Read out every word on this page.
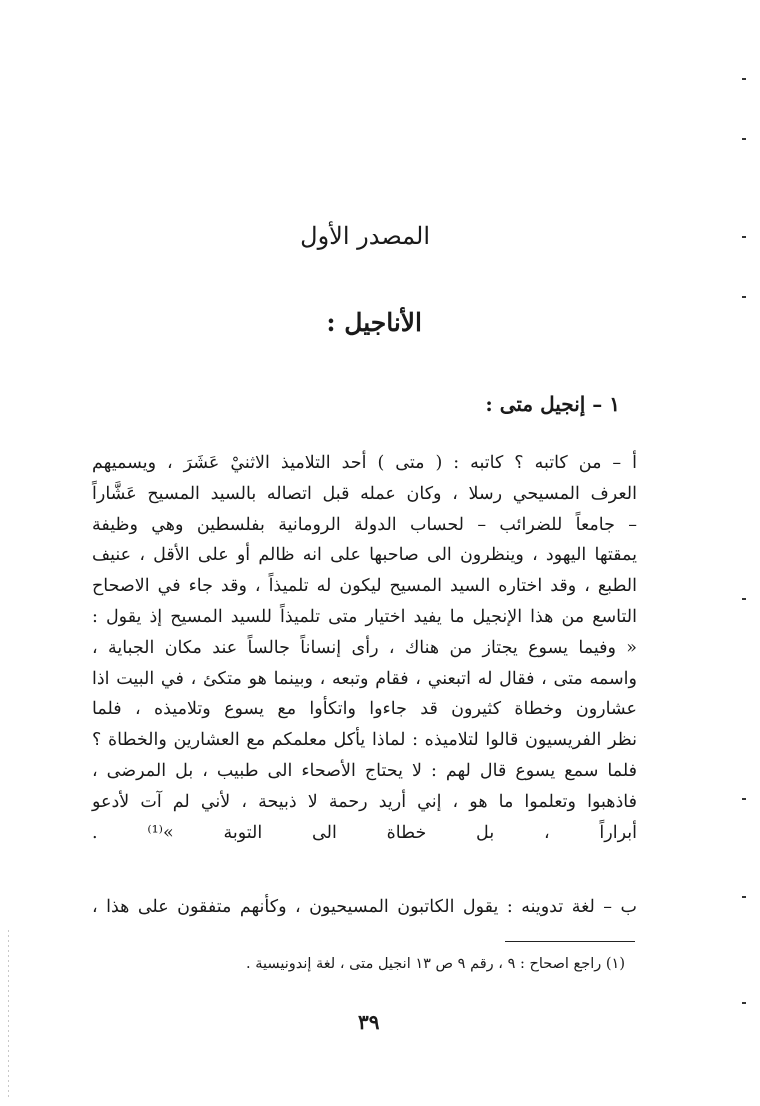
المصدر الأول
الأناجيل :
١ – إنجيل متى :
أ – من كاتبه ؟ كاتبه : ( متى ) أحد التلاميذ الاثنيْ عَشَرَ ، ويسميهم
العرف المسيحي رسلا ، وكان عمله قبل اتصاله بالسيد المسيح عَشَّاراً
– جامعاً للضرائب – لحساب الدولة الرومانية بفلسطين وهي وظيفة
يمقتها اليهود ، وينظرون الى صاحبها على انه ظالم أو على الأقل ، عنيف
الطبع ، وقد اختاره السيد المسيح ليكون له تلميذاً ، وقد جاء في الاصحاح
التاسع من هذا الإنجيل ما يفيد اختيار متى تلميذاً للسيد المسيح إذ يقول :
« وفيما يسوع يجتاز من هناك ، رأى إنساناً جالساً عند مكان الجباية ،
واسمه متى ، فقال له اتبعني ، فقام وتبعه ، وبينما هو متكئ ، في البيت اذا
عشارون وخطاة كثيرون قد جاءوا واتكأوا مع يسوع وتلاميذه ، فلما
نظر الفريسيون قالوا لتلاميذه : لماذا يأكل معلمكم مع العشارين والخطاة ؟
فلما سمع يسوع قال لهم : لا يحتاج الأصحاء الى طبيب ، بل المرضى ،
فاذهبوا وتعلموا ما هو ، إني أريد رحمة لا ذبيحة ، لأني لم آت لأدعو
أبراراً ، بل خطاة الى التوبة »⁽¹⁾ .
ب – لغة تدوينه : يقول الكاتبون المسيحيون ، وكأنهم متفقون على هذا ،
(١) راجع اصحاح : ٩ ، رقم ٩ ص ١٣ انجيل متى ، لغة إندونيسية .
٣٩
